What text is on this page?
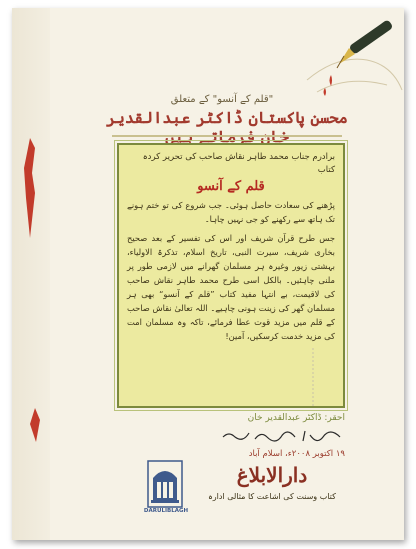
"قلم کے آنسو" کے متعلق
محسن پاکستان ڈاکٹر عبدالقدیر
برادرم جناب محمد طاہر نقاش صاحب کی تحریر کردہ کتاب
قلم کے آنسو

پڑھنے کی سعادت حاصل ہوئی۔ جب شروع کی تو ختم ہونے تک ہاتھ سے رکھنے کو جی نہیں چاہا۔

جس طرح قرآن شریف اور اس کی تفسیر کے بعد صحیح بخاری شریف، سیرت النبی، تاریخ اسلام، تذکرۃ الاولیاء، بہشتی زیور وغیرہ ہر مسلمان گھرانے میں لازمی طور پر ملنی چاہئیں۔ بالکل اسی طرح محمد طاہر نقاش صاحب کی لاقیمت، بے انتہا مفید کتاب ”قلم کے آنسو“ بھی ہر مسلمان گھر کی زینت ہونی چاہیے۔ اللہ تعالیٰ نقاش صاحب کے قلم میں مزید قوت عطا فرمائے، تاکہ وہ مسلمان امت کی مزید خدمت کرسکیں، آمین!

احقر: ڈاکٹر عبدالقدیر خان
۱۹ اکتوبر ۲۰۰۸ء، اسلام آباد
DARULIBLAGH
دارالابلاغ
کتاب وسنت کی اشاعت کا مثالی ادارہ
